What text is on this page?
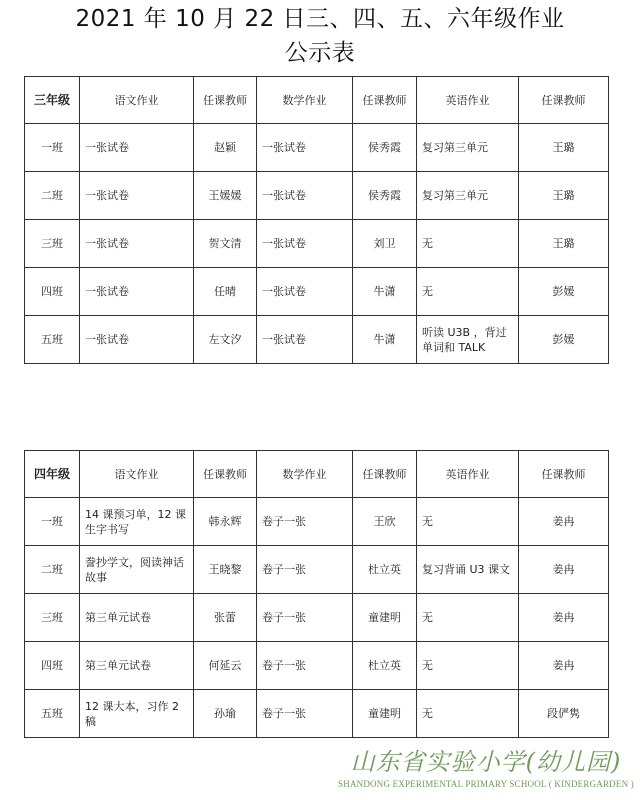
2021 年 10 月 22 日三、四、五、六年级作业
公示表
三年级	语文作业	任课教师	数学作业	任课教师	英语作业	任课教师
一班	一张试卷	赵颖	一张试卷	侯秀霞	复习第三单元	王璐
二班	一张试卷	王媛媛	一张试卷	侯秀霞	复习第三单元	王璐
三班	一张试卷	贺文清	一张试卷	刘卫	无	王璐
四班	一张试卷	任晴	一张试卷	牛潇	无	彭媛
五班	一张试卷	左文汐	一张试卷	牛潇	听读 U3B ，背过单词和 TALK	彭媛
四年级	语文作业	任课教师	数学作业	任课教师	英语作业	任课教师
一班	14 课预习单，12 课生字书写	韩永辉	卷子一张	王欣	无	姜冉
二班	誊抄学文，阅读神话故事	王晓黎	卷子一张	杜立英	复习背诵 U3 课文	姜冉
三班	第三单元试卷	张蕾	卷子一张	童建明	无	姜冉
四班	第三单元试卷	何延云	卷子一张	杜立英	无	姜冉
五班	12 课大本，习作 2 稿	孙瑜	卷子一张	童建明	无	段俨隽
山东省实验小学(幼儿园)
SHANDONG EXPERIMENTAL PRIMARY SCHOOL ( KINDERGARDEN )
